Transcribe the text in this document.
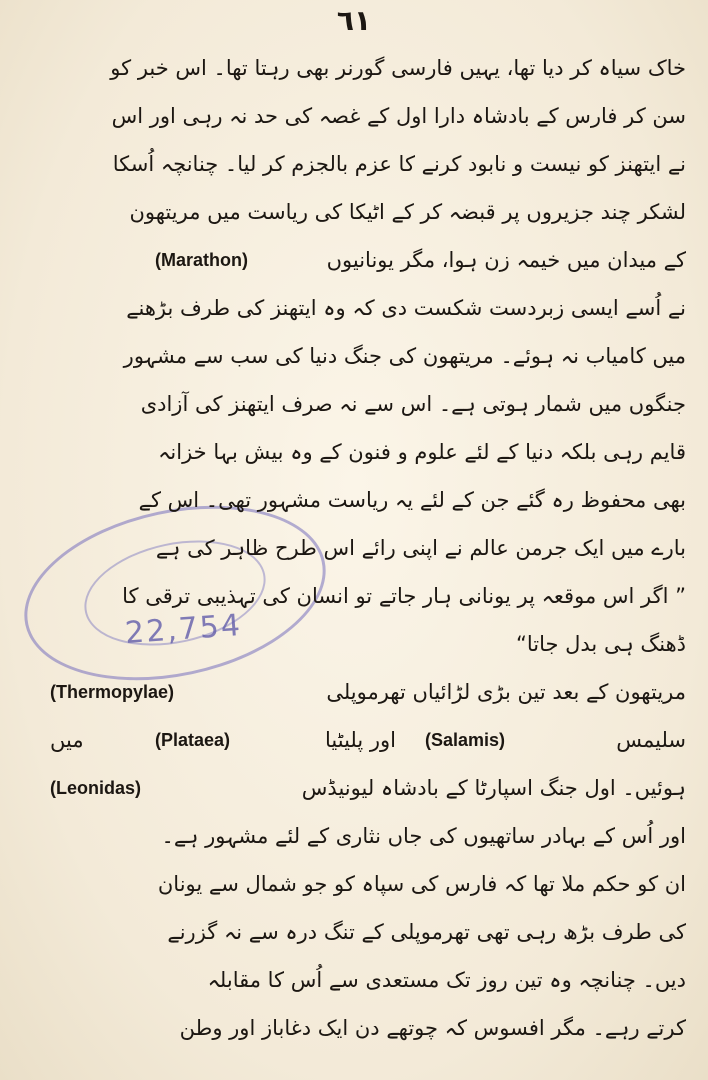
22,754
٦١
خاک سیاہ کر دیا تھا، یہیں فارسی گورنر بھی رہتا تھا۔ اس خبر کو
سن کر فارس کے بادشاہ دارا اول کے غصہ کی حد نہ رہی اور اس
نے ایتھنز کو نیست و نابود کرنے کا عزم بالجزم کر لیا۔ چنانچہ اُسکا
لشکر چند جزیروں پر قبضہ کر کے اٹیکا کی ریاست میں مریتھون
(Marathon)	کے میدان میں خیمہ زن ہوا، مگر یونانیوں
نے اُسے ایسی زبردست شکست دی کہ وہ ایتھنز کی طرف بڑھنے
میں کامیاب نہ ہوئے۔ مریتھون کی جنگ دنیا کی سب سے مشہور
جنگوں میں شمار ہوتی ہے۔ اس سے نہ صرف ایتھنز کی آزادی
قایم رہی بلکہ دنیا کے لئے علوم و فنون کے وہ بیش بہا خزانہ
بھی محفوظ رہ گئے جن کے لئے یہ ریاست مشہور تھی۔ اس کے
بارے میں ایک جرمن عالم نے اپنی رائے اس طرح ظاہر کی ہے
” اگر اس موقعہ پر یونانی ہار جاتے تو انسان کی تہذیبی ترقی کا
ڈھنگ ہی بدل جاتا“
(Thermopylae)	مریتھون کے بعد تین بڑی لڑائیاں تھرموپلی
میں	(Plataea)	اور پلیٹیا (Salamis)	سلیمس
(Leonidas)	ہوئیں۔ اول جنگ اسپارٹا کے بادشاہ لیونیڈس
اور اُس کے بہادر ساتھیوں کی جاں نثاری کے لئے مشہور ہے۔
ان کو حکم ملا تھا کہ فارس کی سپاہ کو جو شمال سے یونان
کی طرف بڑھ رہی تھی تھرموپلی کے تنگ درہ سے نہ گزرنے
دیں۔ چنانچہ وہ تین روز تک مستعدی سے اُس کا مقابلہ
کرتے رہے۔ مگر افسوس کہ چوتھے دن ایک دغاباز اور وطن
